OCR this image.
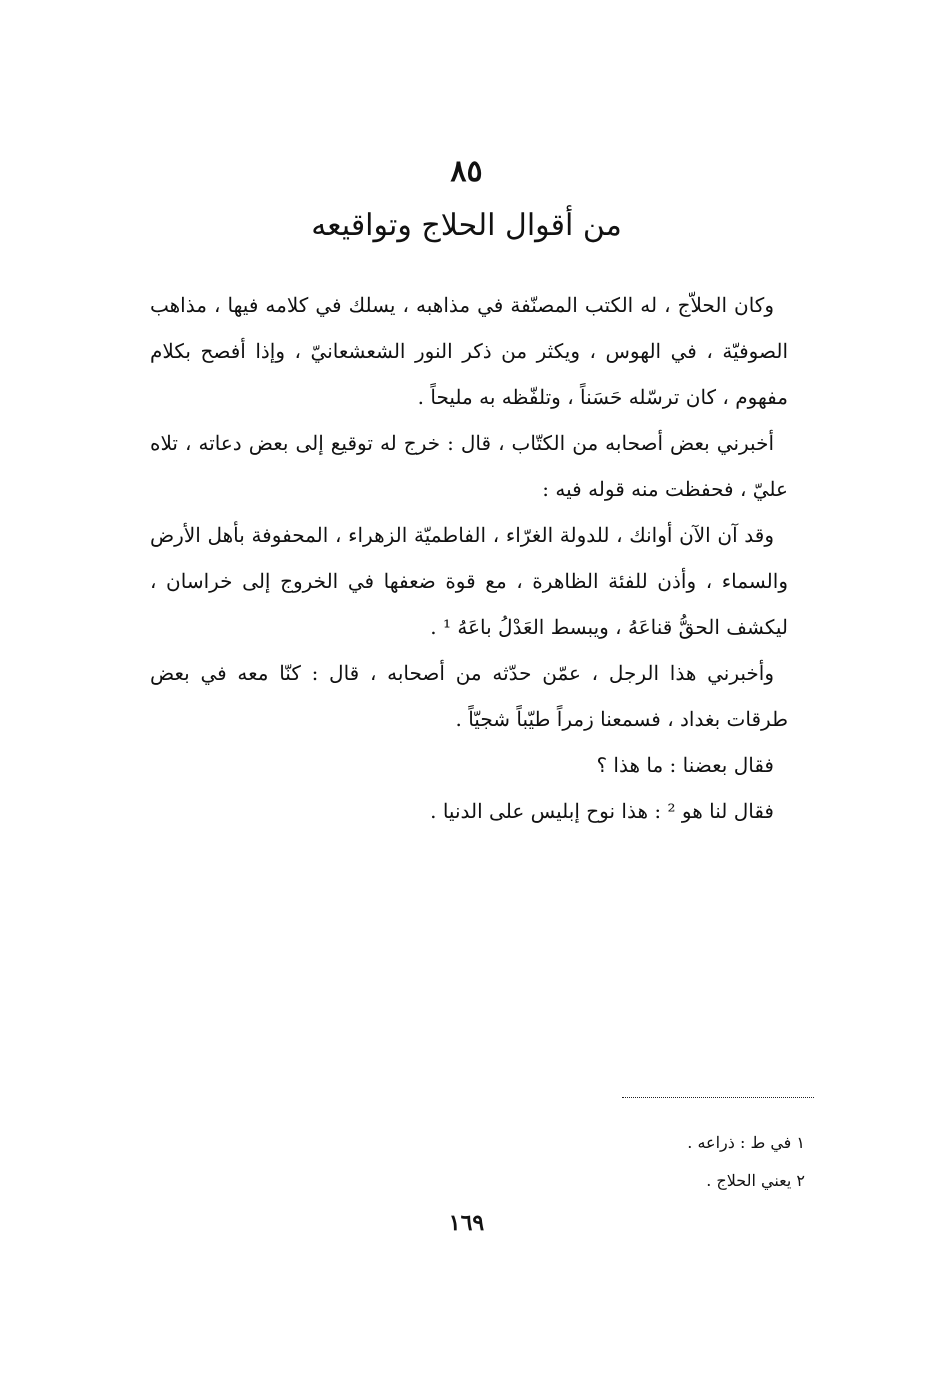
٨٥
من أقوال الحلاج وتواقيعه

وكان الحلاّج ، له الكتب المصنّفة في مذاهبه ، يسلك في كلامه فيها ، مذاهب الصوفيّة ، في الهوس ، ويكثر من ذكر النور الشعشعانيّ ، وإذا أفصح بكلام مفهوم ، كان ترسّله حَسَناً ، وتلفّظه به مليحاً .

أخبرني بعض أصحابه من الكتّاب ، قال : خرج له توقيع إلى بعض دعاته ، تلاه عليّ ، فحفظت منه قوله فيه :

وقد آن الآن أوانك ، للدولة الغرّاء ، الفاطميّة الزهراء ، المحفوفة بأهل الأرض والسماء ، وأذن للفئة الظاهرة ، مع قوة ضعفها في الخروج إلى خراسان ، ليكشف الحقُّ قناعَهُ ، ويبسط العَدْلُ باعَهُ ¹ .

وأخبرني هذا الرجل ، عمّن حدّثه من أصحابه ، قال : كنّا معه في بعض طرقات بغداد ، فسمعنا زمراً طيّباً شجيّاً .

فقال بعضنا : ما هذا ؟

فقال لنا هو ² : هذا نوح إبليس على الدنيا .

١ في ط : ذراعه .
٢ يعني الحلاج .
١٦٩
